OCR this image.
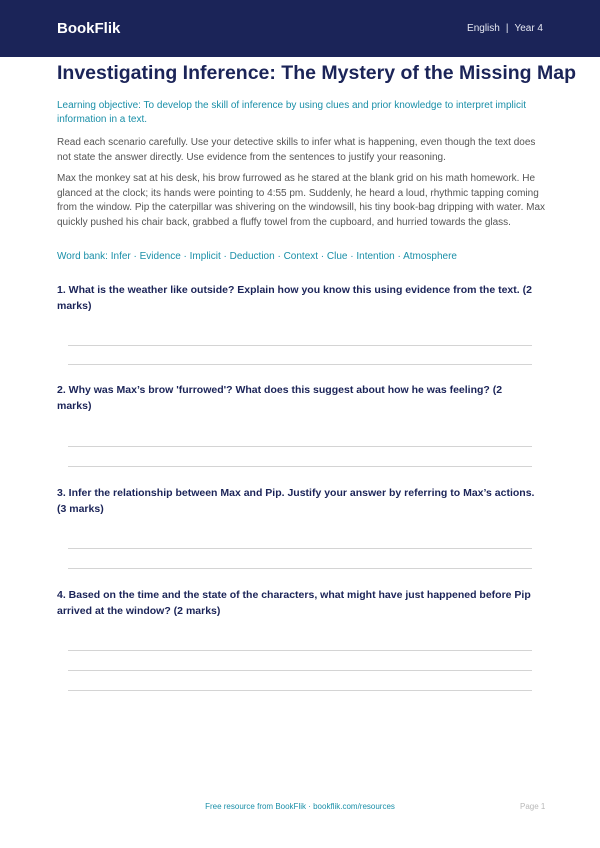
BookFlik	English | Year 4
Investigating Inference: The Mystery of the Missing Map
Learning objective: To develop the skill of inference by using clues and prior knowledge to interpret implicit information in a text.
Read each scenario carefully. Use your detective skills to infer what is happening, even though the text does not state the answer directly. Use evidence from the sentences to justify your reasoning.
Max the monkey sat at his desk, his brow furrowed as he stared at the blank grid on his math homework. He glanced at the clock; its hands were pointing to 4:55 pm. Suddenly, he heard a loud, rhythmic tapping coming from the window. Pip the caterpillar was shivering on the windowsill, his tiny book-bag dripping with water. Max quickly pushed his chair back, grabbed a fluffy towel from the cupboard, and hurried towards the glass.
Word bank: Infer · Evidence · Implicit · Deduction · Context · Clue · Intention · Atmosphere
1. What is the weather like outside? Explain how you know this using evidence from the text. (2 marks)
2. Why was Max’s brow 'furrowed'? What does this suggest about how he was feeling? (2 marks)
3. Infer the relationship between Max and Pip. Justify your answer by referring to Max’s actions. (3 marks)
4. Based on the time and the state of the characters, what might have just happened before Pip arrived at the window? (2 marks)
Free resource from BookFlik · bookflik.com/resources	Page 1
